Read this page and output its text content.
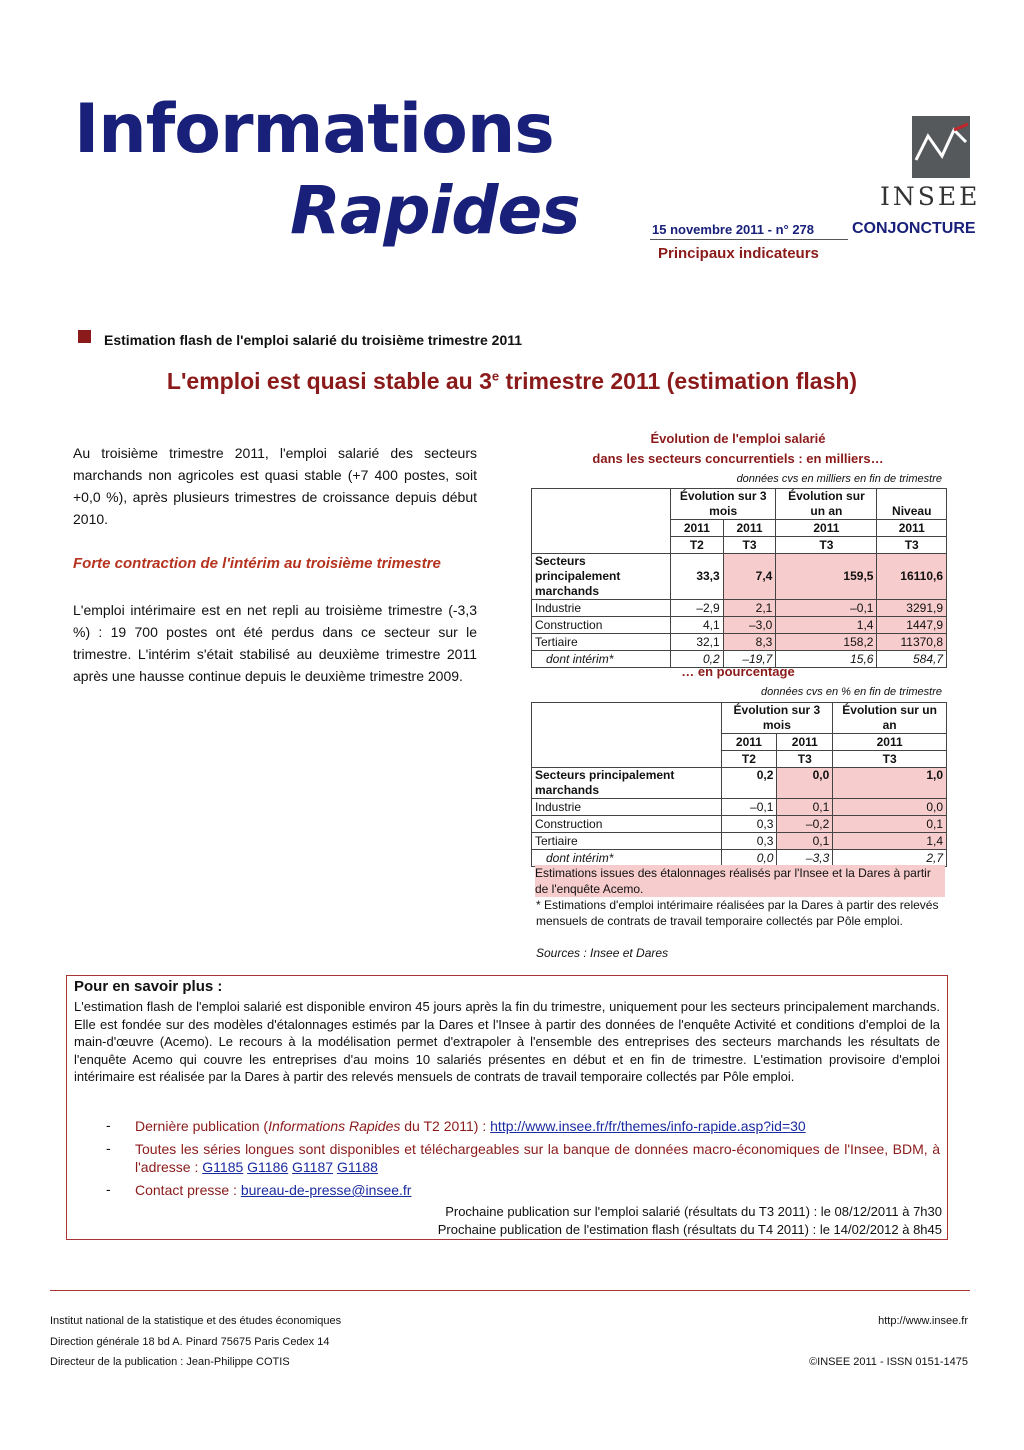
Informations
Rapides	15 novembre 2011 - n° 278 CONJONCTURE
Principaux indicateurs
INSEE
Estimation flash de l'emploi salarié du troisième trimestre 2011
L'emploi est quasi stable au 3e trimestre 2011 (estimation flash)
Au troisième trimestre 2011, l'emploi salarié des secteurs marchands non agricoles est quasi stable (+7 400 postes, soit +0,0 %), après plusieurs trimestres de croissance depuis début 2010.
Forte contraction de l'intérim au troisième trimestre
L'emploi intérimaire est en net repli au troisième trimestre (-3,3 %) : 19 700 postes ont été perdus dans ce secteur sur le trimestre. L'intérim s'était stabilisé au deuxième trimestre 2011 après une hausse continue depuis le deuxième trimestre 2009.
Évolution de l'emploi salarié
dans les secteurs concurrentiels : en milliers…
données cvs en milliers en fin de trimestre
	Évolution sur 3 mois		Évolution sur un an	Niveau
	2011	2011	2011	2011
	T2	T3	T3	T3
Secteurs principalement marchands	33,3	7,4	159,5	16110,6
Industrie	–2,9	2,1	–0,1	3291,9
Construction	4,1	–3,0	1,4	1447,9
Tertiaire	32,1	8,3	158,2	11370,8
dont intérim*	0,2	–19,7	15,6	584,7
… en pourcentage
données cvs en % en fin de trimestre
	Évolution sur 3 mois		Évolution sur un an
	2011	2011	2011
	T2	T3	T3
Secteurs principalement marchands	0,2	0,0	1,0
Industrie	–0,1	0,1	0,0
Construction	0,3	–0,2	0,1
Tertiaire	0,3	0,1	1,4
dont intérim*	0,0	–3,3	2,7
Estimations issues des étalonnages réalisés par l'Insee et la Dares à partir de l'enquête Acemo.
* Estimations d'emploi intérimaire réalisées par la Dares à partir des relevés mensuels de contrats de travail temporaire collectés par Pôle emploi.
Sources : Insee et Dares
Pour en savoir plus :
L'estimation flash de l'emploi salarié est disponible environ 45 jours après la fin du trimestre, uniquement pour les secteurs principalement marchands. Elle est fondée sur des modèles d'étalonnages estimés par la Dares et l'Insee à partir des données de l'enquête Activité et conditions d'emploi de la main-d'œuvre (Acemo). Le recours à la modélisation permet d'extrapoler à l'ensemble des entreprises des secteurs marchands les résultats de l'enquête Acemo qui couvre les entreprises d'au moins 10 salariés présentes en début et en fin de trimestre. L'estimation provisoire d'emploi intérimaire est réalisée par la Dares à partir des relevés mensuels de contrats de travail temporaire collectés par Pôle emploi.
- Dernière publication (Informations Rapides du T2 2011) : http://www.insee.fr/fr/themes/info-rapide.asp?id=30
- Toutes les séries longues sont disponibles et téléchargeables sur la banque de données macro-économiques de l'Insee, BDM, à l'adresse : G1185 G1186 G1187 G1188
- Contact presse : bureau-de-presse@insee.fr
Prochaine publication sur l'emploi salarié (résultats du T3 2011) : le 08/12/2011 à 7h30
Prochaine publication de l'estimation flash (résultats du T4 2011) : le 14/02/2012 à 8h45
Institut national de la statistique et des études économiques
Direction générale 18 bd A. Pinard 75675 Paris Cedex 14
Directeur de la publication : Jean-Philippe COTIS
http://www.insee.fr
©INSEE 2011 - ISSN 0151-1475
